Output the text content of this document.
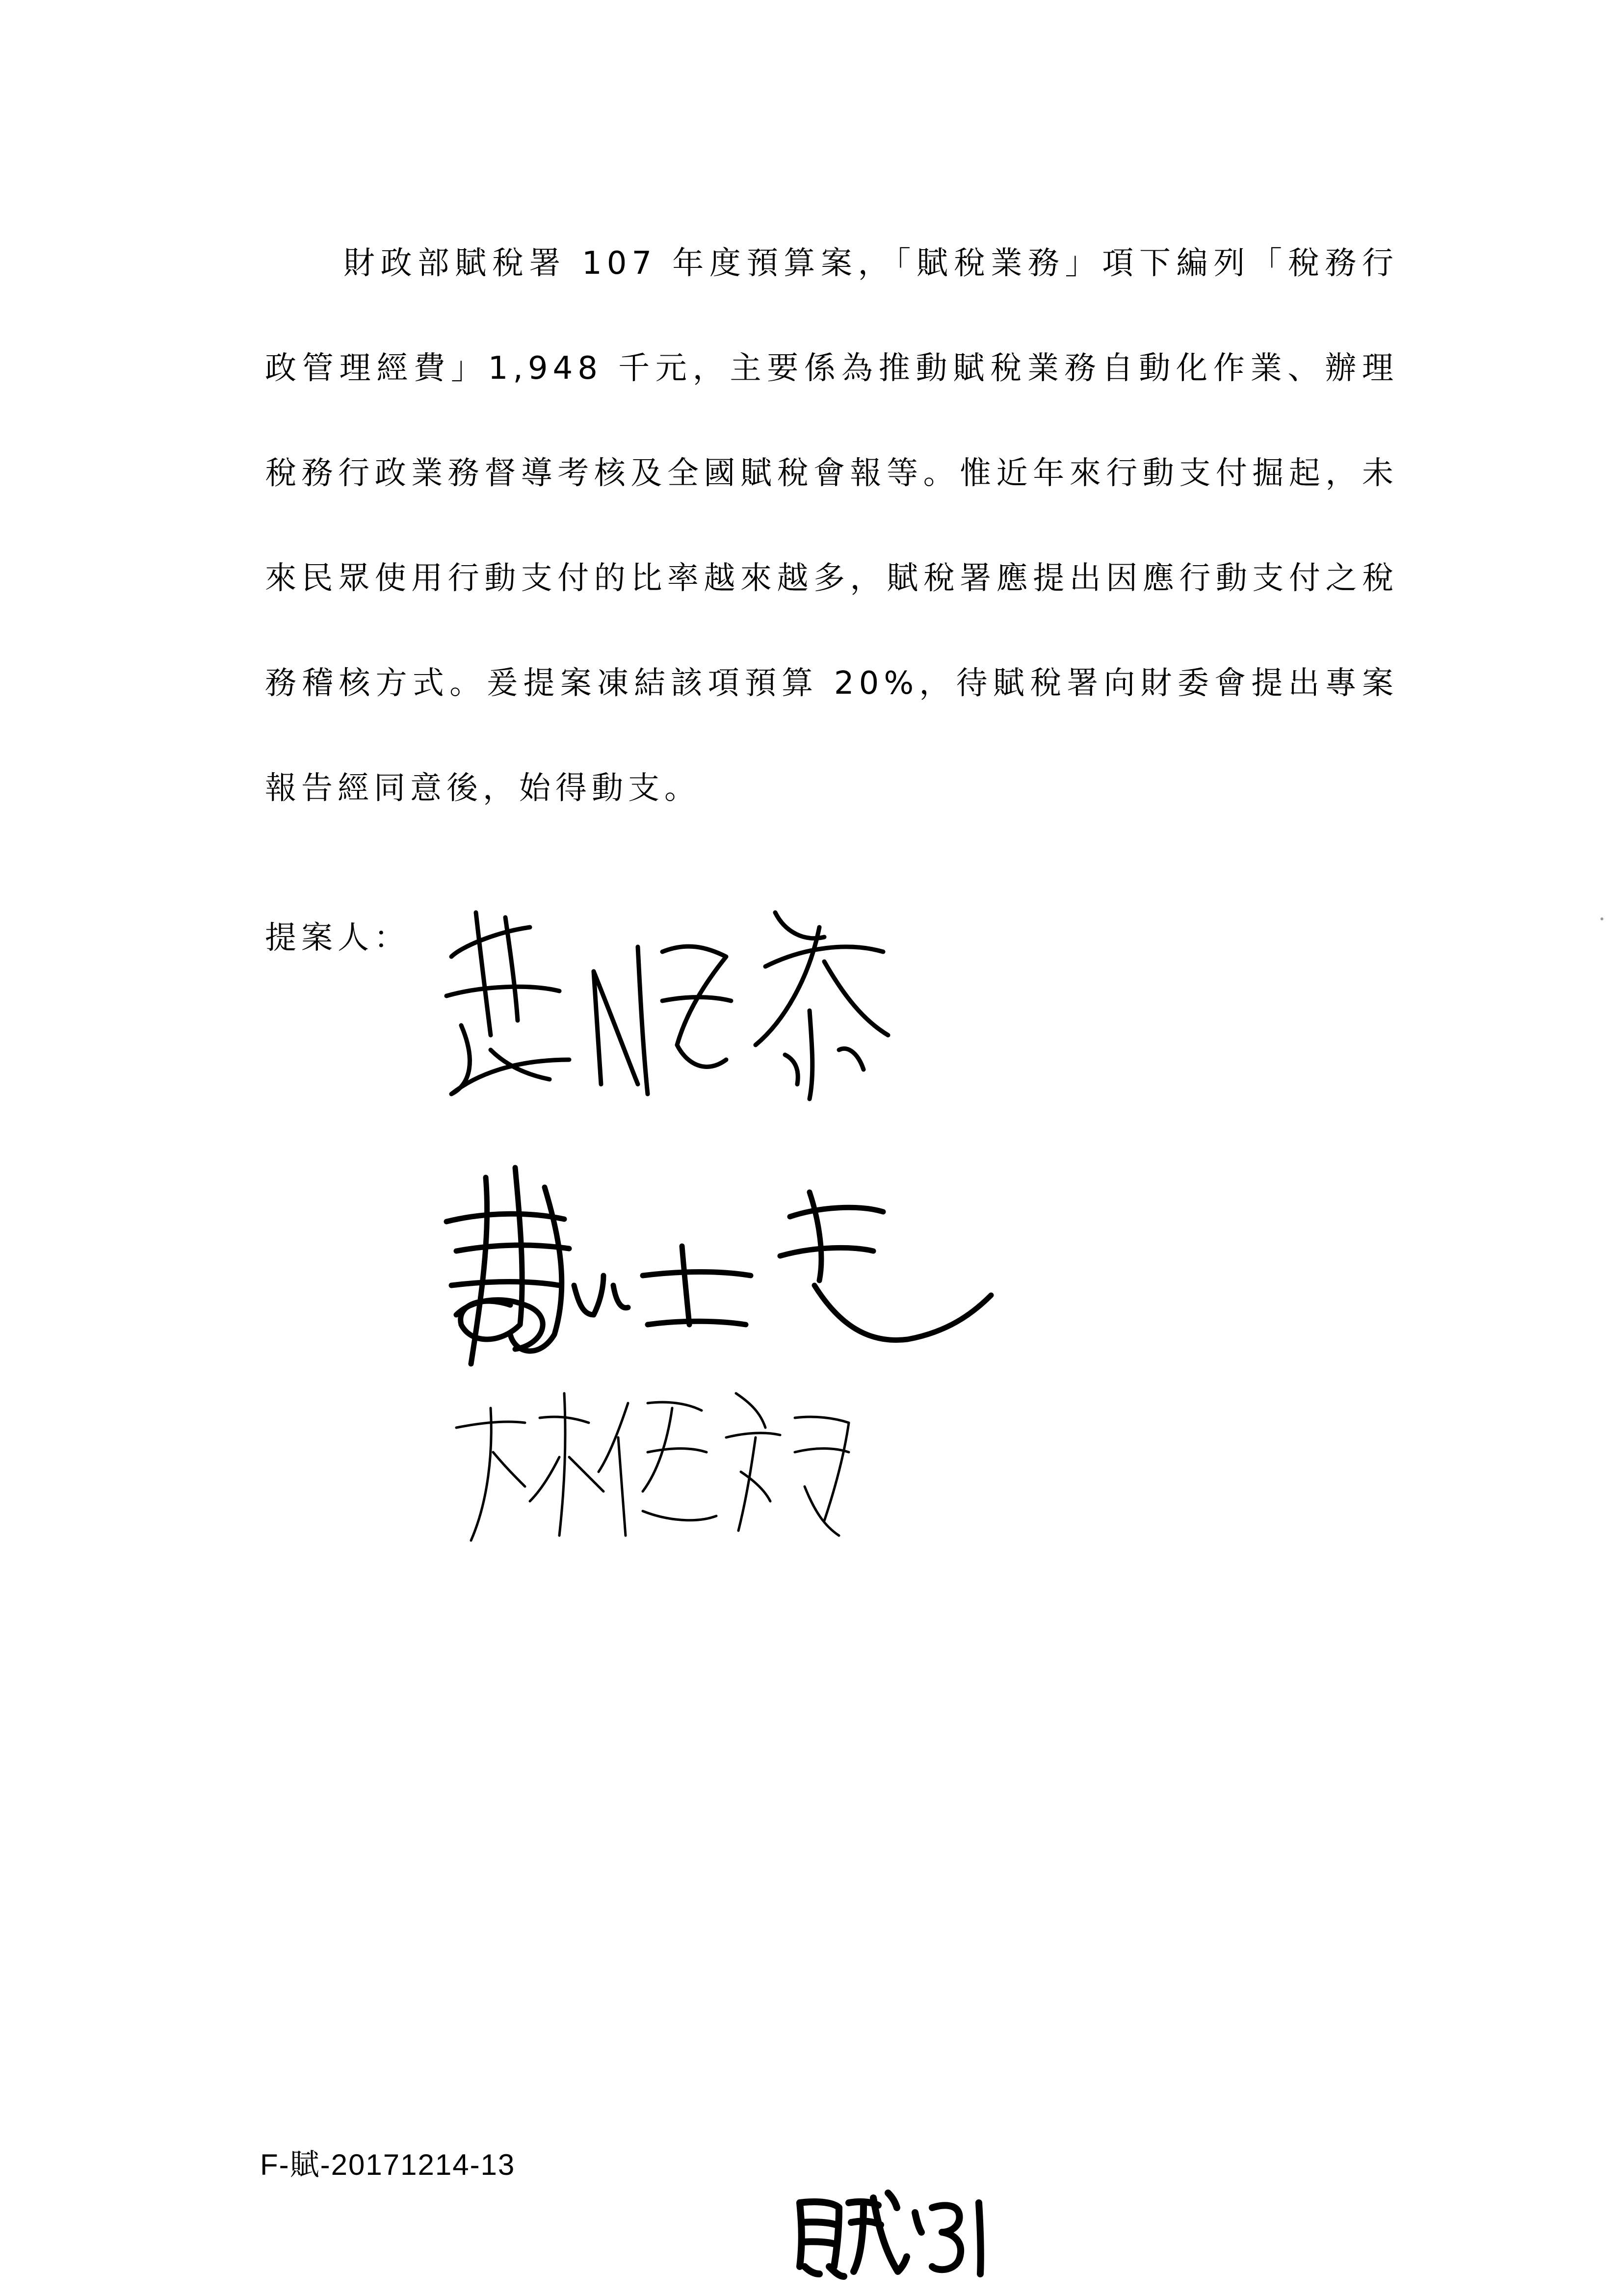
財政部賦稅署 107 年度預算案，「賦稅業務」項下編列「稅務行政管理經費」1,948 千元，主要係為推動賦稅業務自動化作業、辦理稅務行政業務督導考核及全國賦稅會報等。惟近年來行動支付掘起，未來民眾使用行動支付的比率越來越多，賦稅署應提出因應行動支付之稅務稽核方式。爰提案凍結該項預算 20%，待賦稅署向財委會提出專案報告經同意後，始得動支。

提案人：

F-賦-20171214-13
